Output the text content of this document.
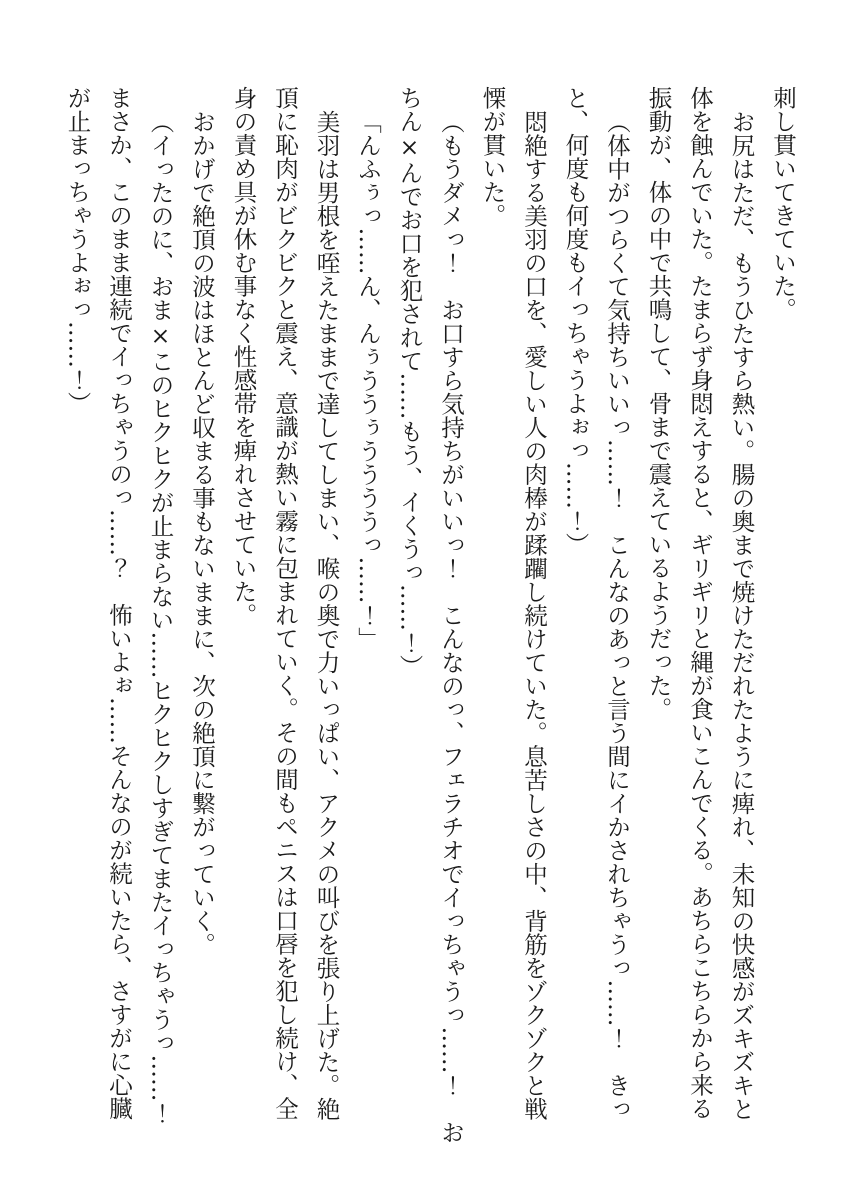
刺し貫いてきていた。
お尻はただ、もうひたすら熱い。腸の奥まで焼けただれたように痺れ、未知の快感がズキズキと
体を蝕んでいた。たまらず身悶えすると、ギリギリと縄が食いこんでくる。あちらこちらから来る
振動が、体の中で共鳴して、骨まで震えているようだった。
（体中がつらくて気持ちいいっ……！　こんなのあっと言う間にイかされちゃうっ……！　きっ
と、何度も何度もイっちゃうよぉっ……！）
悶絶する美羽の口を、愛しい人の肉棒が蹂躙し続けていた。息苦しさの中、背筋をゾクゾクと戦
慄が貫いた。
（もうダメっ！　お口すら気持ちがいいっ！　こんなのっ、フェラチオでイっちゃうっ……！　お
ちん×んでお口を犯されて……もう、イくうっ……！）
「んふぅっ……ん、んぅううぅううううっ……！」
美羽は男根を咥えたままで達してしまい、喉の奥で力いっぱい、アクメの叫びを張り上げた。絶
頂に恥肉がビクビクと震え、意識が熱い霧に包まれていく。その間もペニスは口唇を犯し続け、全
身の責め具が休む事なく性感帯を痺れさせていた。
おかげで絶頂の波はほとんど収まる事もないままに、次の絶頂に繋がっていく。
（イったのに、おま×このヒクヒクが止まらない……ヒクヒクしすぎてまたイっちゃうっ……！
まさか、このまま連続でイっちゃうのっ……？　怖いよぉ……そんなのが続いたら、さすがに心臓
が止まっちゃうよぉっ……！）
